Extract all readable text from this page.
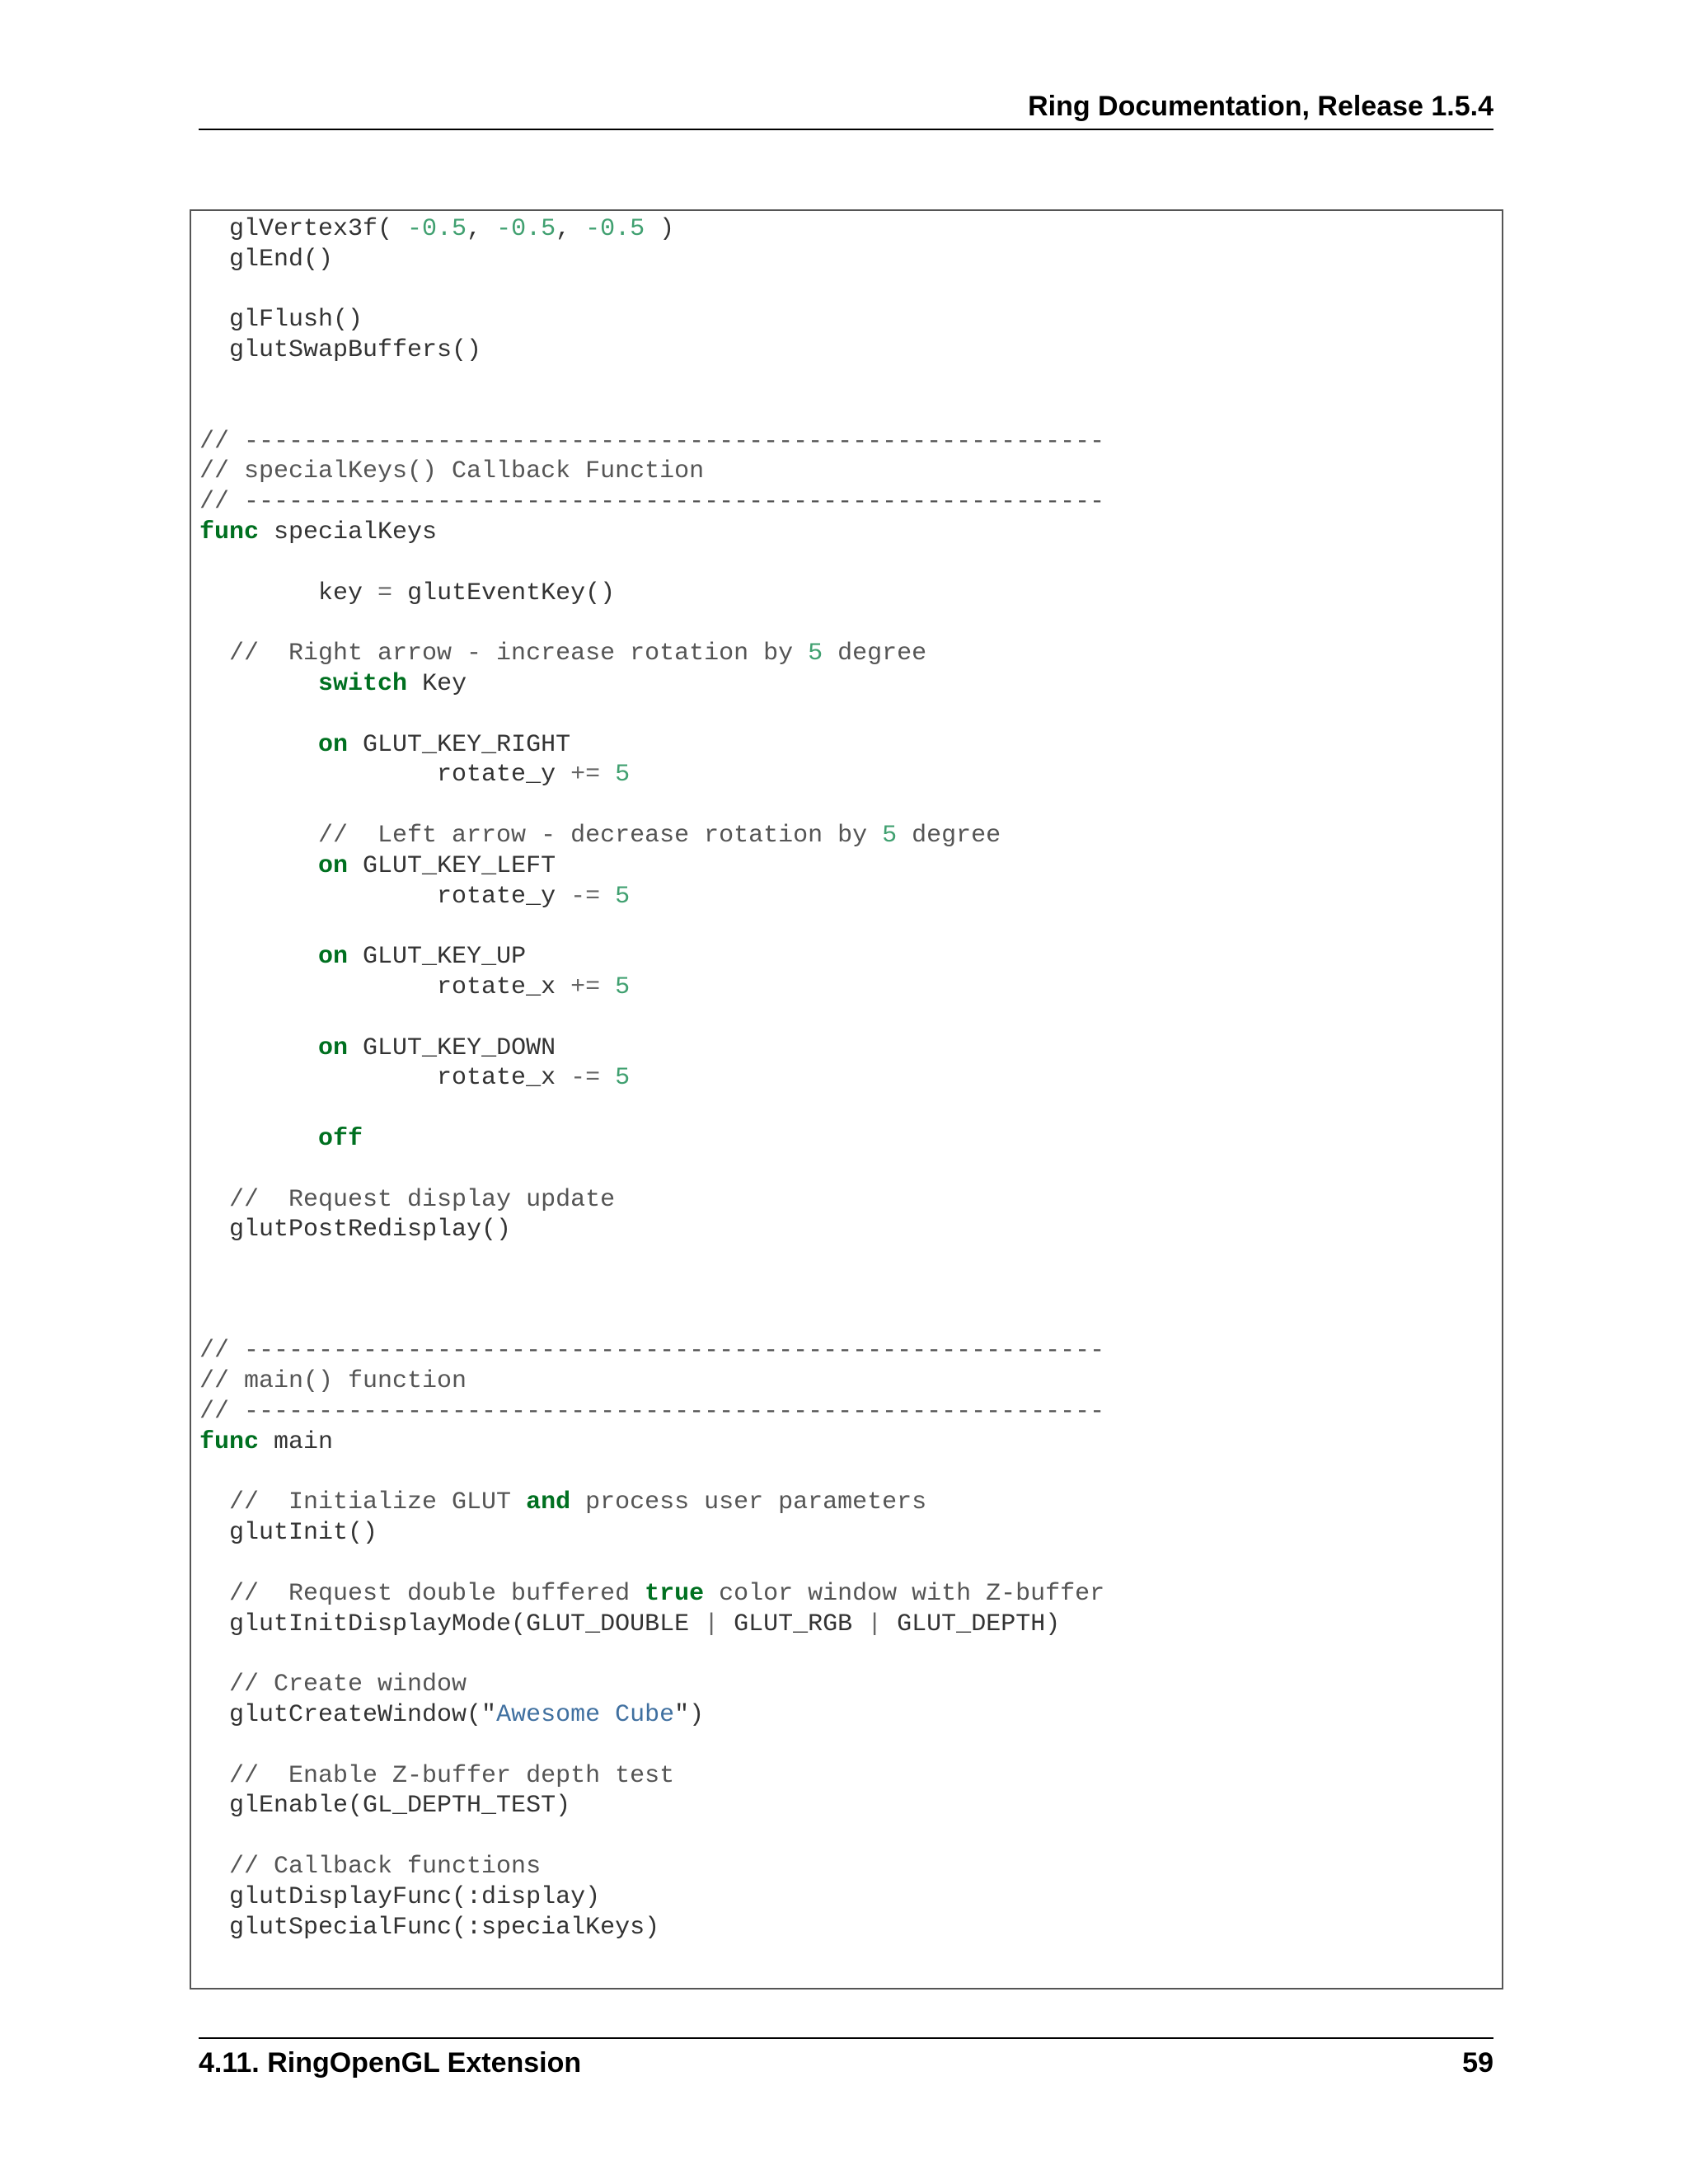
Ring Documentation, Release 1.5.4
glVertex3f( -0.5, -0.5, -0.5 )
glEnd()
glFlush()
glutSwapBuffers()
// ----------------------------------------------------------
// specialKeys() Callback Function
// ----------------------------------------------------------
func specialKeys
key = glutEventKey()
//  Right arrow - increase rotation by 5 degree
switch Key
on GLUT_KEY_RIGHT
rotate_y += 5
//  Left arrow - decrease rotation by 5 degree
on GLUT_KEY_LEFT
rotate_y -= 5
on GLUT_KEY_UP
rotate_x += 5
on GLUT_KEY_DOWN
rotate_x -= 5
off
//  Request display update
glutPostRedisplay()
// ----------------------------------------------------------
// main() function
// ----------------------------------------------------------
func main
//  Initialize GLUT and process user parameters
glutInit()
//  Request double buffered true color window with Z-buffer
glutInitDisplayMode(GLUT_DOUBLE | GLUT_RGB | GLUT_DEPTH)
// Create window
glutCreateWindow("Awesome Cube")
//  Enable Z-buffer depth test
glEnable(GL_DEPTH_TEST)
// Callback functions
glutDisplayFunc(:display)
glutSpecialFunc(:specialKeys)
4.11. RingOpenGL Extension	59
